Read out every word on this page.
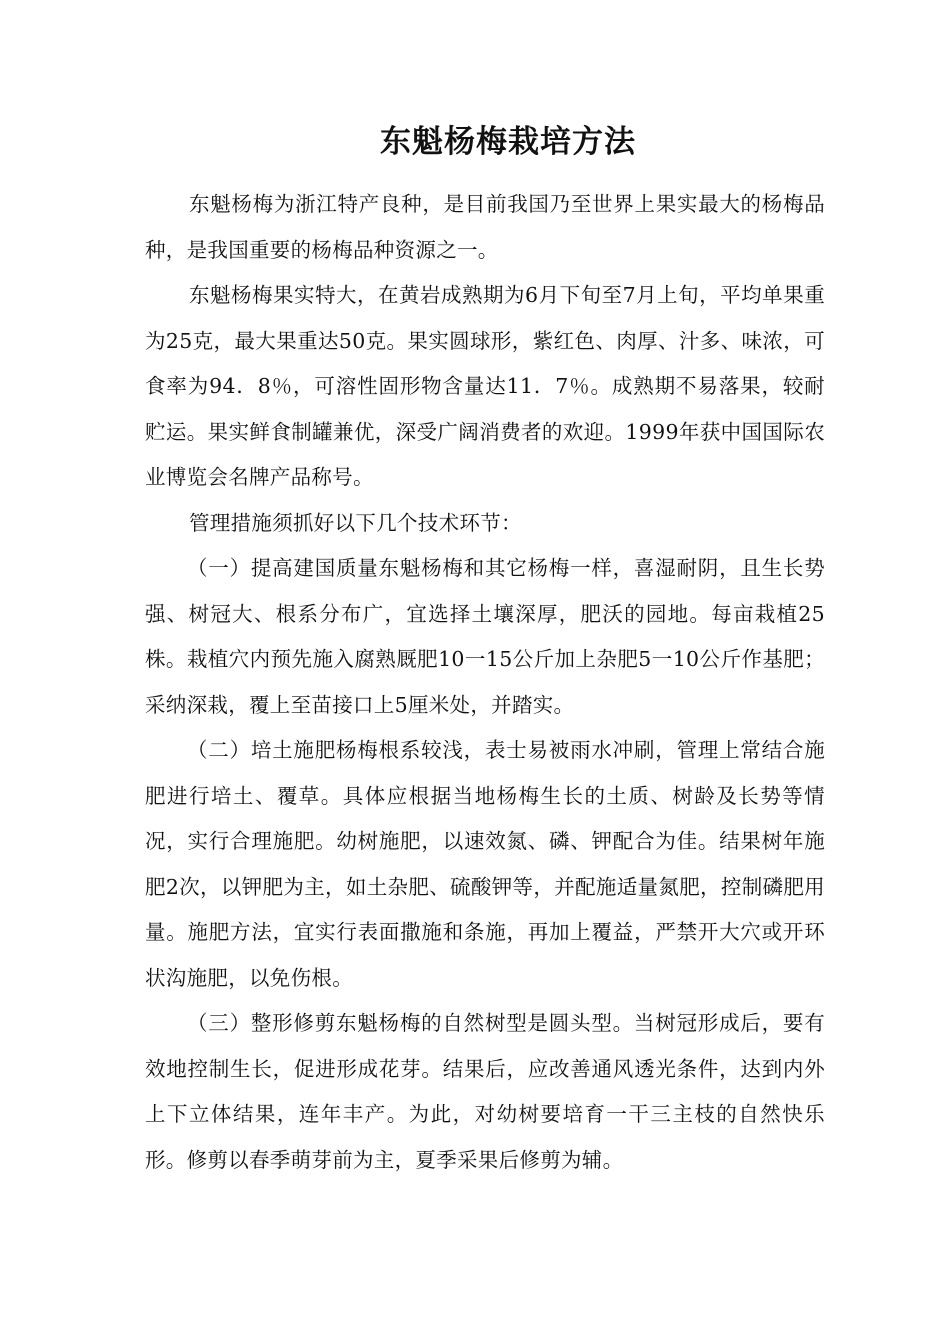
东魁杨梅栽培方法

东魁杨梅为浙江特产良种，是目前我国乃至世界上果实最大的杨梅品种，是我国重要的杨梅品种资源之一。

东魁杨梅果实特大，在黄岩成熟期为6月下旬至7月上旬，平均单果重为25克，最大果重达50克。果实圆球形，紫红色、肉厚、汁多、味浓，可食率为94．8％，可溶性固形物含量达11．7％。成熟期不易落果，较耐贮运。果实鲜食制罐兼优，深受广阔消费者的欢迎。1999年获中国国际农业博览会名牌产品称号。

管理措施须抓好以下几个技术环节：

（一）提高建国质量东魁杨梅和其它杨梅一样，喜湿耐阴，且生长势强、树冠大、根系分布广，宜选择土壤深厚，肥沃的园地。每亩栽植25株。栽植穴内预先施入腐熟厩肥10一15公斤加上杂肥5一10公斤作基肥；采纳深栽，覆上至苗接口上5厘米处，并踏实。

（二）培土施肥杨梅根系较浅，表士易被雨水冲刷，管理上常结合施肥进行培土、覆草。具体应根据当地杨梅生长的土质、树龄及长势等情况，实行合理施肥。幼树施肥，以速效氮、磷、钾配合为佳。结果树年施肥2次，以钾肥为主，如土杂肥、硫酸钾等，并配施适量氮肥，控制磷肥用量。施肥方法，宜实行表面撒施和条施，再加上覆益，严禁开大穴或开环状沟施肥，以免伤根。

（三）整形修剪东魁杨梅的自然树型是圆头型。当树冠形成后，要有效地控制生长，促进形成花芽。结果后，应改善通风透光条件，达到内外上下立体结果，连年丰产。为此，对幼树要培育一干三主枝的自然快乐形。修剪以春季萌芽前为主，夏季采果后修剪为辅。
